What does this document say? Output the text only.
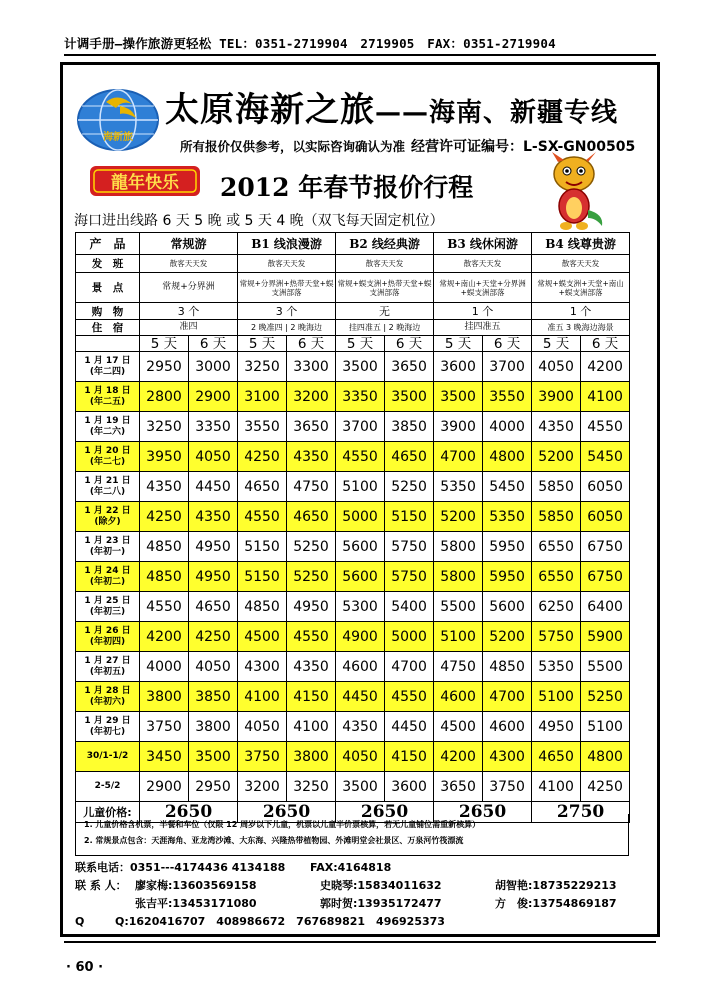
计调手册—操作旅游更轻松 TEL：0351-2719904　2719905　FAX：0351-2719904
海新旅
太原海新之旅——海南、新疆专线
所有报价仅供参考，以实际咨询确认为准 经营许可证编号：L-SX-GN00505
龍年快乐 2012 年春节报价行程
海口进出线路 6 天 5 晚 或 5 天 4 晚（双飞每天固定机位）
产　品	常规游		B1 线浪漫游		B2 线经典游		B3 线休闲游		B4 线尊贵游	
发　班	散客天天发		散客天天发		散客天天发		散客天天发		散客天天发	
景　点	常规+分界洲		常规+分界洲+热带天堂+蜈支洲部落		常规+蜈支洲+热带天堂+蜈支洲部落		常规+南山+天堂+分界洲+蜈支洲部落		常规+蜈支洲+天堂+南山+蜈支洲部落	
购　物	3 个		3 个		无		1 个		1 个	
住　宿	准四		2 晚准四 | 2 晚海边		挂四准五 | 2 晚海边		挂四准五		准五 3 晚海边海景	
	5 天	6 天	5 天	6 天	5 天	6 天	5 天	6 天	5 天	6 天

1 月 17 日
(年二四)	2950	3000	3250	3300	3500	3650	3600	3700	4050	4200

1 月 18 日
(年二五)	2800	2900	3100	3200	3350	3500	3500	3550	3900	4100

1 月 19 日
(年二六)	3250	3350	3550	3650	3700	3850	3900	4000	4350	4550

1 月 20 日
(年二七)	3950	4050	4250	4350	4550	4650	4700	4800	5200	5450

1 月 21 日
(年二八)	4350	4450	4650	4750	5100	5250	5350	5450	5850	6050

1 月 22 日
(除夕)	4250	4350	4550	4650	5000	5150	5200	5350	5850	6050

1 月 23 日
(年初一)	4850	4950	5150	5250	5600	5750	5800	5950	6550	6750

1 月 24 日
(年初二)	4850	4950	5150	5250	5600	5750	5800	5950	6550	6750

1 月 25 日
(年初三)	4550	4650	4850	4950	5300	5400	5500	5600	6250	6400

1 月 26 日
(年初四)	4200	4250	4500	4550	4900	5000	5100	5200	5750	5900

1 月 27 日
(年初五)	4000	4050	4300	4350	4600	4700	4750	4850	5350	5500

1 月 28 日
(年初六)	3800	3850	4100	4150	4450	4550	4600	4700	5100	5250

1 月 29 日
(年初七)	3750	3800	4050	4100	4350	4450	4500	4600	4950	5100

30/1-1/2	3450	3500	3750	3800	4050	4150	4200	4300	4650	4800

2-5/2	2900	2950	3200	3250	3500	3600	3650	3750	4100	4250
儿童价格:	2650		2650		2650		2650		2750	
1. 儿童价格含机票，半餐和车位（仅限 12 周岁以下儿童，机票以儿童半价票核算，若无儿童铺位需重新核算）
2. 常规景点包含：天涯海角、亚龙湾沙滩、大东海、兴隆热带植物园、外滩明堂会社景区、万泉河竹筏漂流
联系电话：0351---4174436 4134188 FAX:4164818
联 系 人： 廖家梅:13603569158	史晓琴:15834011632	胡智艳:18735229213
张吉平:13453171080	郭时贺:13935172477	方　俊:13754869187
Q	Q:1620416707　408986672　767689821　496925373
· 60 ·
